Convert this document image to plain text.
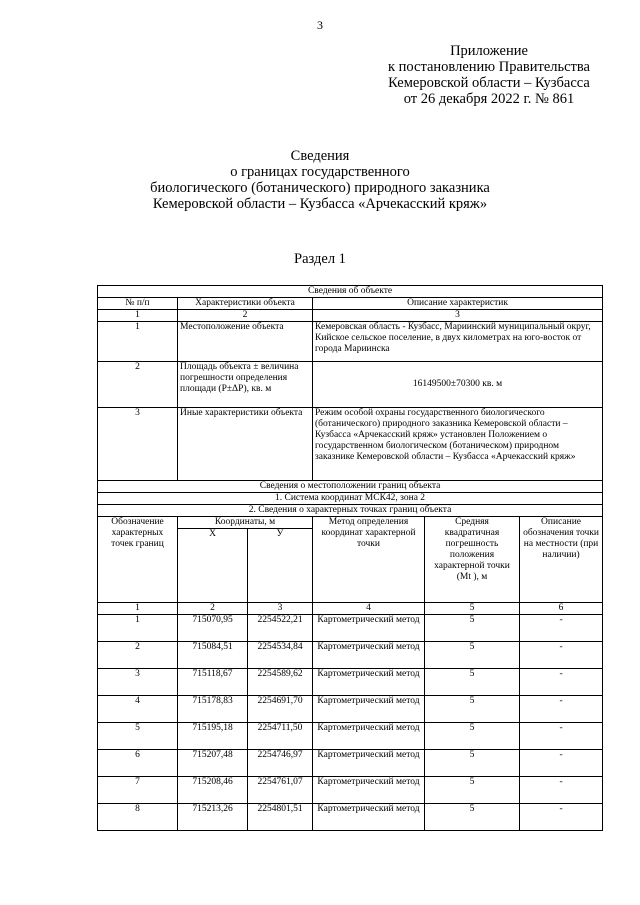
3
Приложение
к постановлению Правительства
Кемеровской области – Кузбасса
от 26 декабря 2022 г. № 861
Сведения
о границах государственного
биологического (ботанического) природного заказника
Кемеровской области – Кузбасса «Арчекасский кряж»
Раздел 1
Сведения об объекте					
№ п/п	Характеристики объекта		Описание характеристик		
1	2		3		
1	Местоположение объекта		Кемеровская область - Кузбасс, Мариинский муниципальный округ, Кийское сельское поселение, в двух километрах на юго-восток от города Мариинска		
2	Площадь объекта ± величина погрешности определения площади (P±ΔP), кв. м		16149500±70300 кв. м		
3	Иные характеристики объекта		Режим особой охраны государственного биологического (ботанического) природного заказника Кемеровской области – Кузбасса «Арчекасский кряж» установлен Положением о государственном биологическом (ботаническом) природном заказнике Кемеровской области – Кузбасса «Арчекасский кряж»		
Сведения о местоположении границ объекта					
1. Система координат МСК42, зона 2					
2. Сведения о характерных точках границ объекта					
Обозначение характерных точек границ	Координаты, м		Метод определения координат характерной точки	Средняя квадратичная погрешность положения характерной точки (Мt ), м	Описание обозначения точки на местности (при наличии)
	Х	У			
1	2	3	4	5	6
1	715070,95	2254522,21	Картометрический метод	5	-
2	715084,51	2254534,84	Картометрический метод	5	-
3	715118,67	2254589,62	Картометрический метод	5	-
4	715178,83	2254691,70	Картометрический метод	5	-
5	715195,18	2254711,50	Картометрический метод	5	-
6	715207,48	2254746,97	Картометрический метод	5	-
7	715208,46	2254761,07	Картометрический метод	5	-
8	715213,26	2254801,51	Картометрический метод	5	-
